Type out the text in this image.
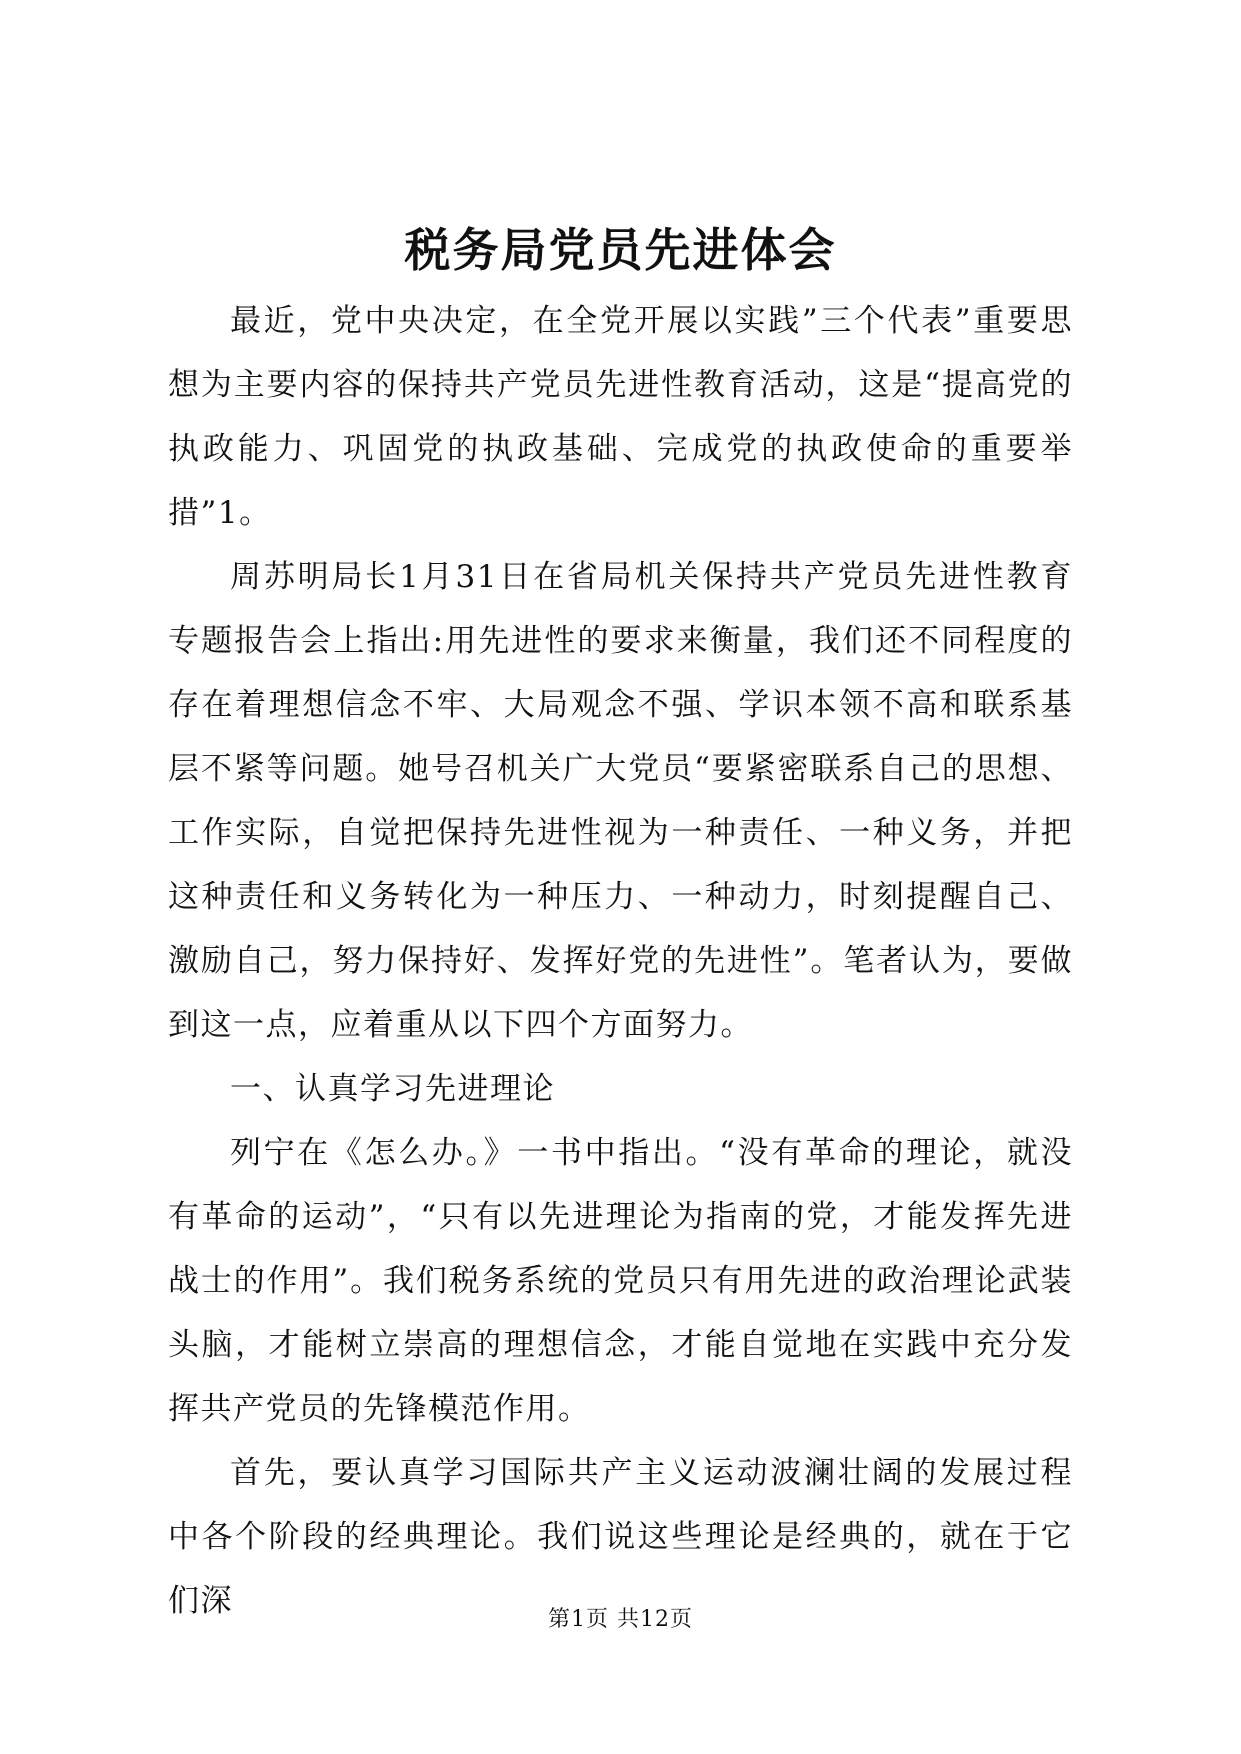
税务局党员先进体会

最近，党中央决定，在全党开展以实践”三个代表”重要思想为主要内容的保持共产党员先进性教育活动，这是“提高党的执政能力、巩固党的执政基础、完成党的执政使命的重要举措”1。

周苏明局长1月31日在省局机关保持共产党员先进性教育专题报告会上指出:用先进性的要求来衡量，我们还不同程度的存在着理想信念不牢、大局观念不强、学识本领不高和联系基层不紧等问题。她号召机关广大党员“要紧密联系自己的思想、工作实际，自觉把保持先进性视为一种责任、一种义务，并把这种责任和义务转化为一种压力、一种动力，时刻提醒自己、激励自己，努力保持好、发挥好党的先进性”。笔者认为，要做到这一点，应着重从以下四个方面努力。

一、认真学习先进理论

列宁在《怎么办。》一书中指出。“没有革命的理论，就没有革命的运动”，“只有以先进理论为指南的党，才能发挥先进战士的作用”。我们税务系统的党员只有用先进的政治理论武装头脑，才能树立崇高的理想信念，才能自觉地在实践中充分发挥共产党员的先锋模范作用。

首先，要认真学习国际共产主义运动波澜壮阔的发展过程中各个阶段的经典理论。我们说这些理论是经典的，就在于它们深

第1页 共12页
